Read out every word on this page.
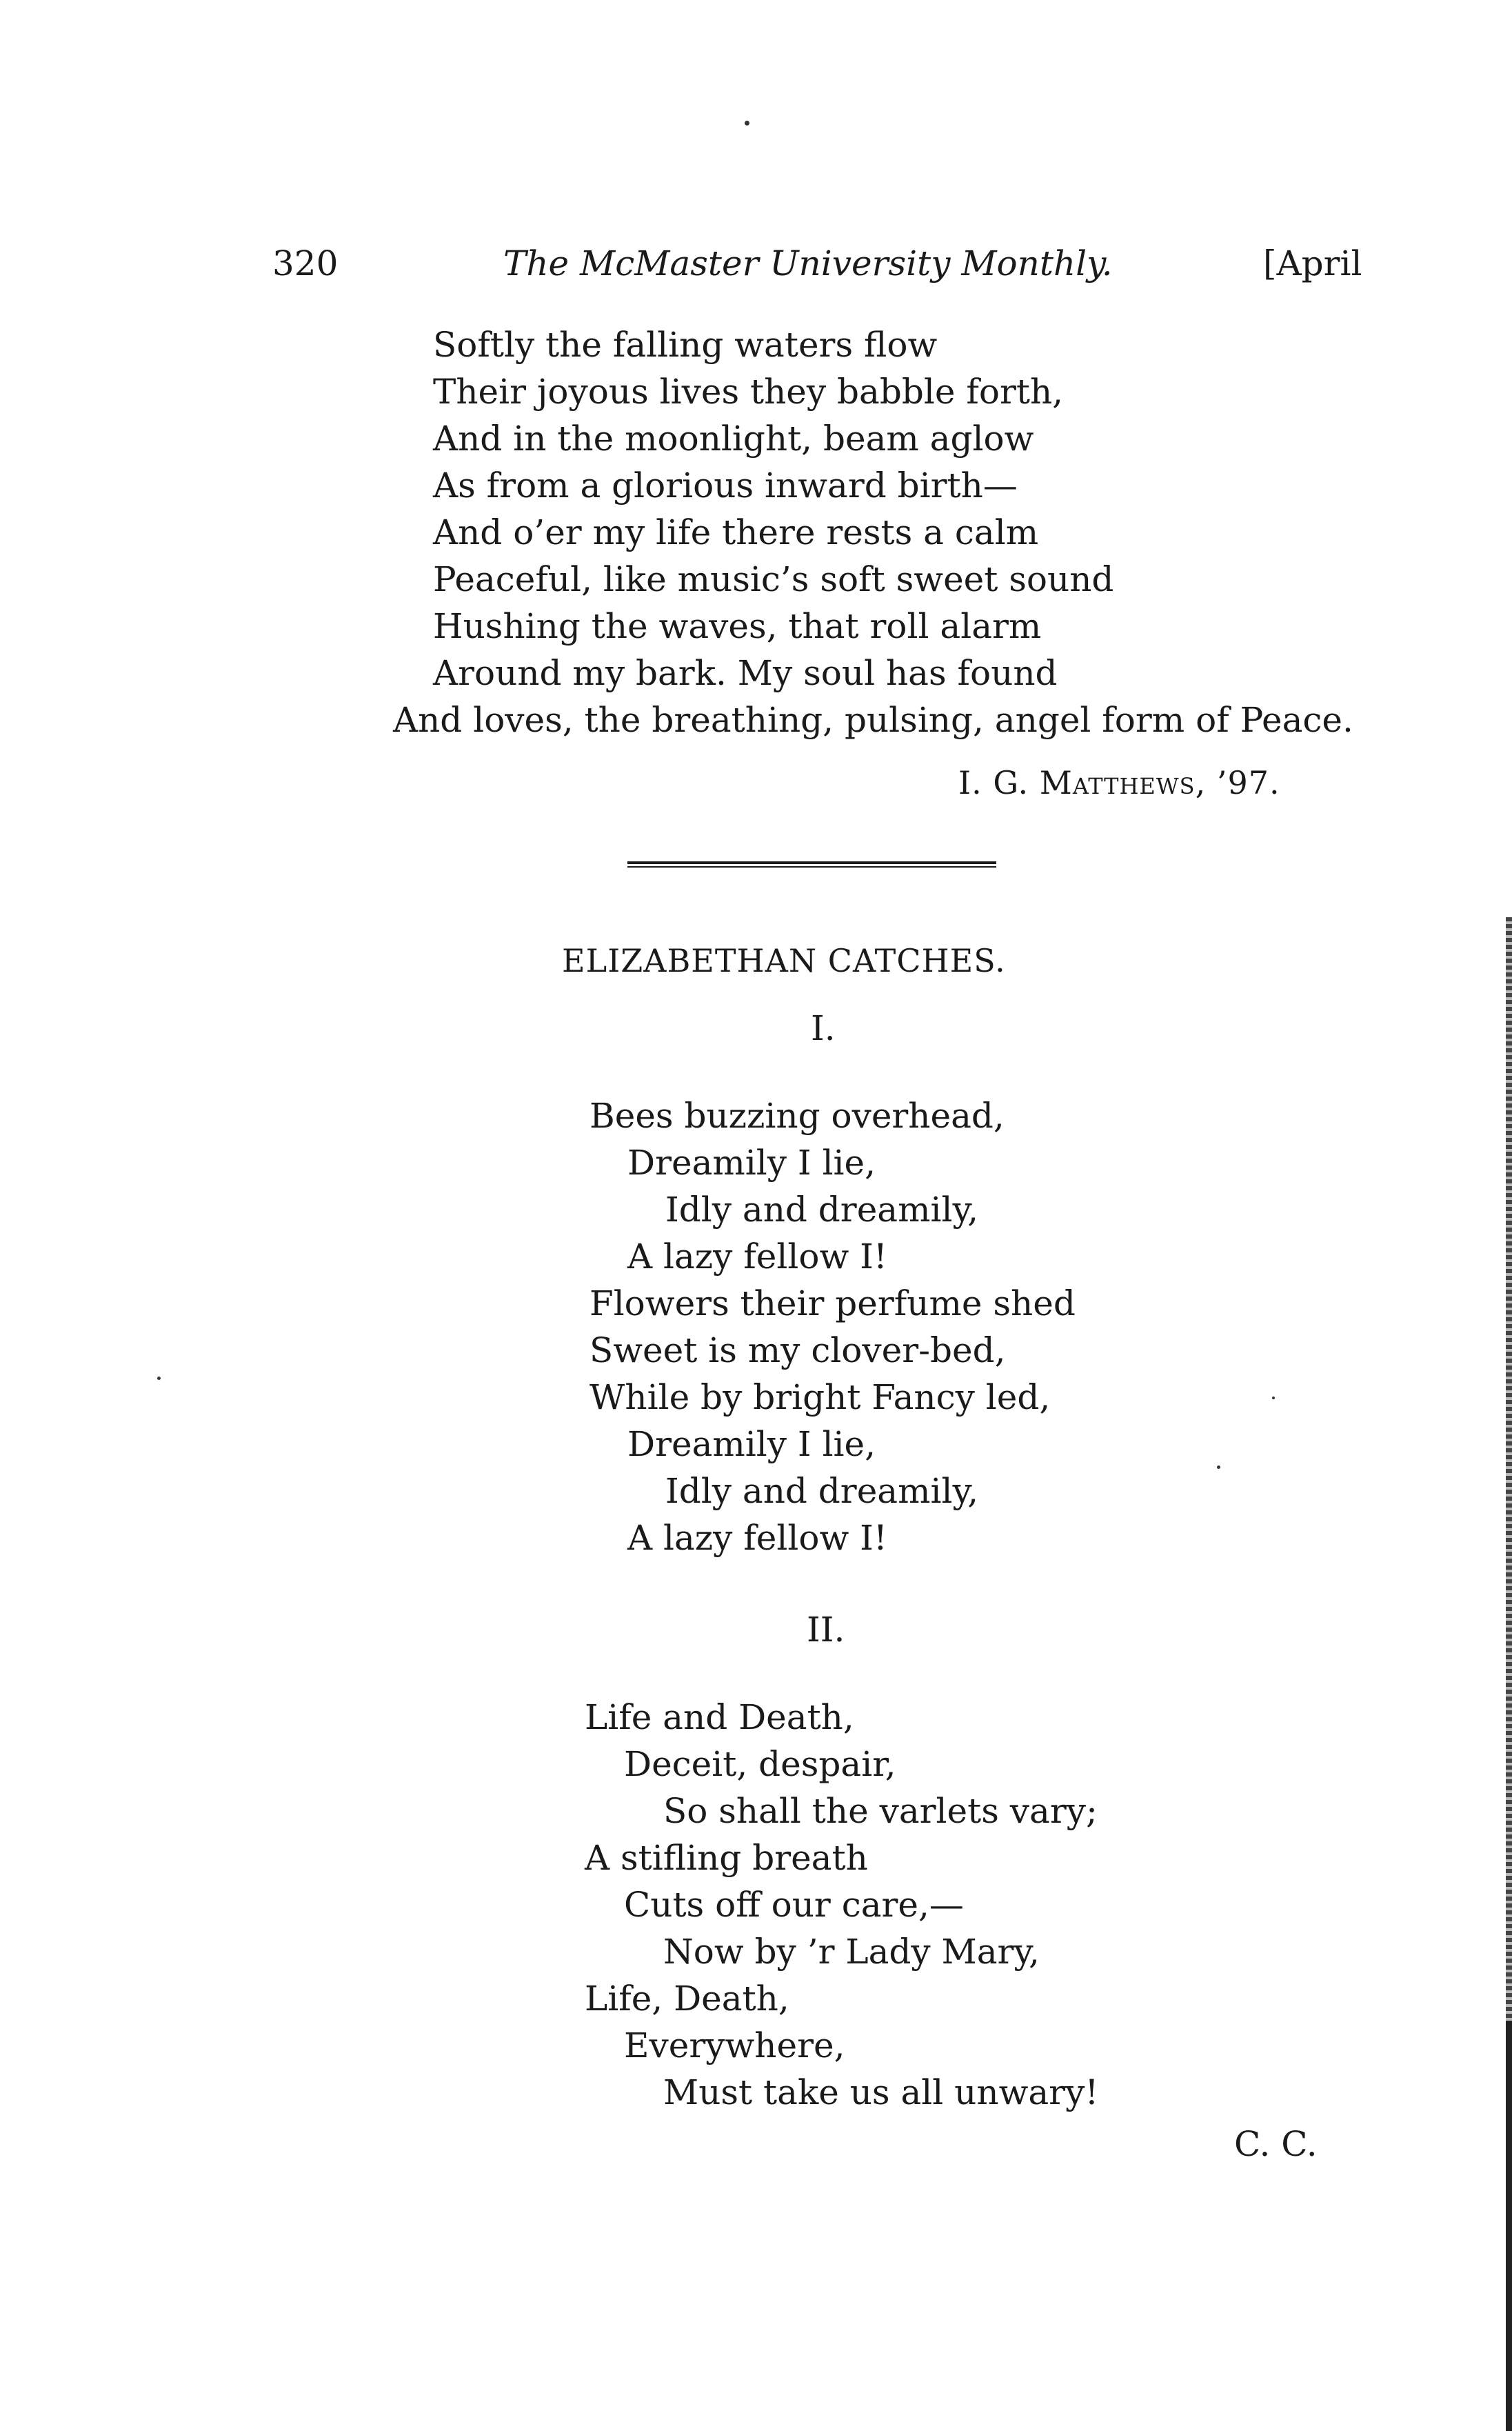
320	The McMaster University Monthly.	[April
Softly the falling waters flow
Their joyous lives they babble forth,
And in the moonlight, beam aglow
As from a glorious inward birth—
And o’er my life there rests a calm
Peaceful, like music’s soft sweet sound
Hushing the waves, that roll alarm
Around my bark. My soul has found
And loves, the breathing, pulsing, angel form of Peace.
I. G. Matthews, ’97.
ELIZABETHAN CATCHES.
I.
Bees buzzing overhead,
Dreamily I lie,
Idly and dreamily,
A lazy fellow I!
Flowers their perfume shed
Sweet is my clover-bed,
While by bright Fancy led,
Dreamily I lie,
Idly and dreamily,
A lazy fellow I!
II.
Life and Death,
Deceit, despair,
So shall the varlets vary;
A stifling breath
Cuts off our care,—
Now by ’r Lady Mary,
Life, Death,
Everywhere,
Must take us all unwary!
C. C.
